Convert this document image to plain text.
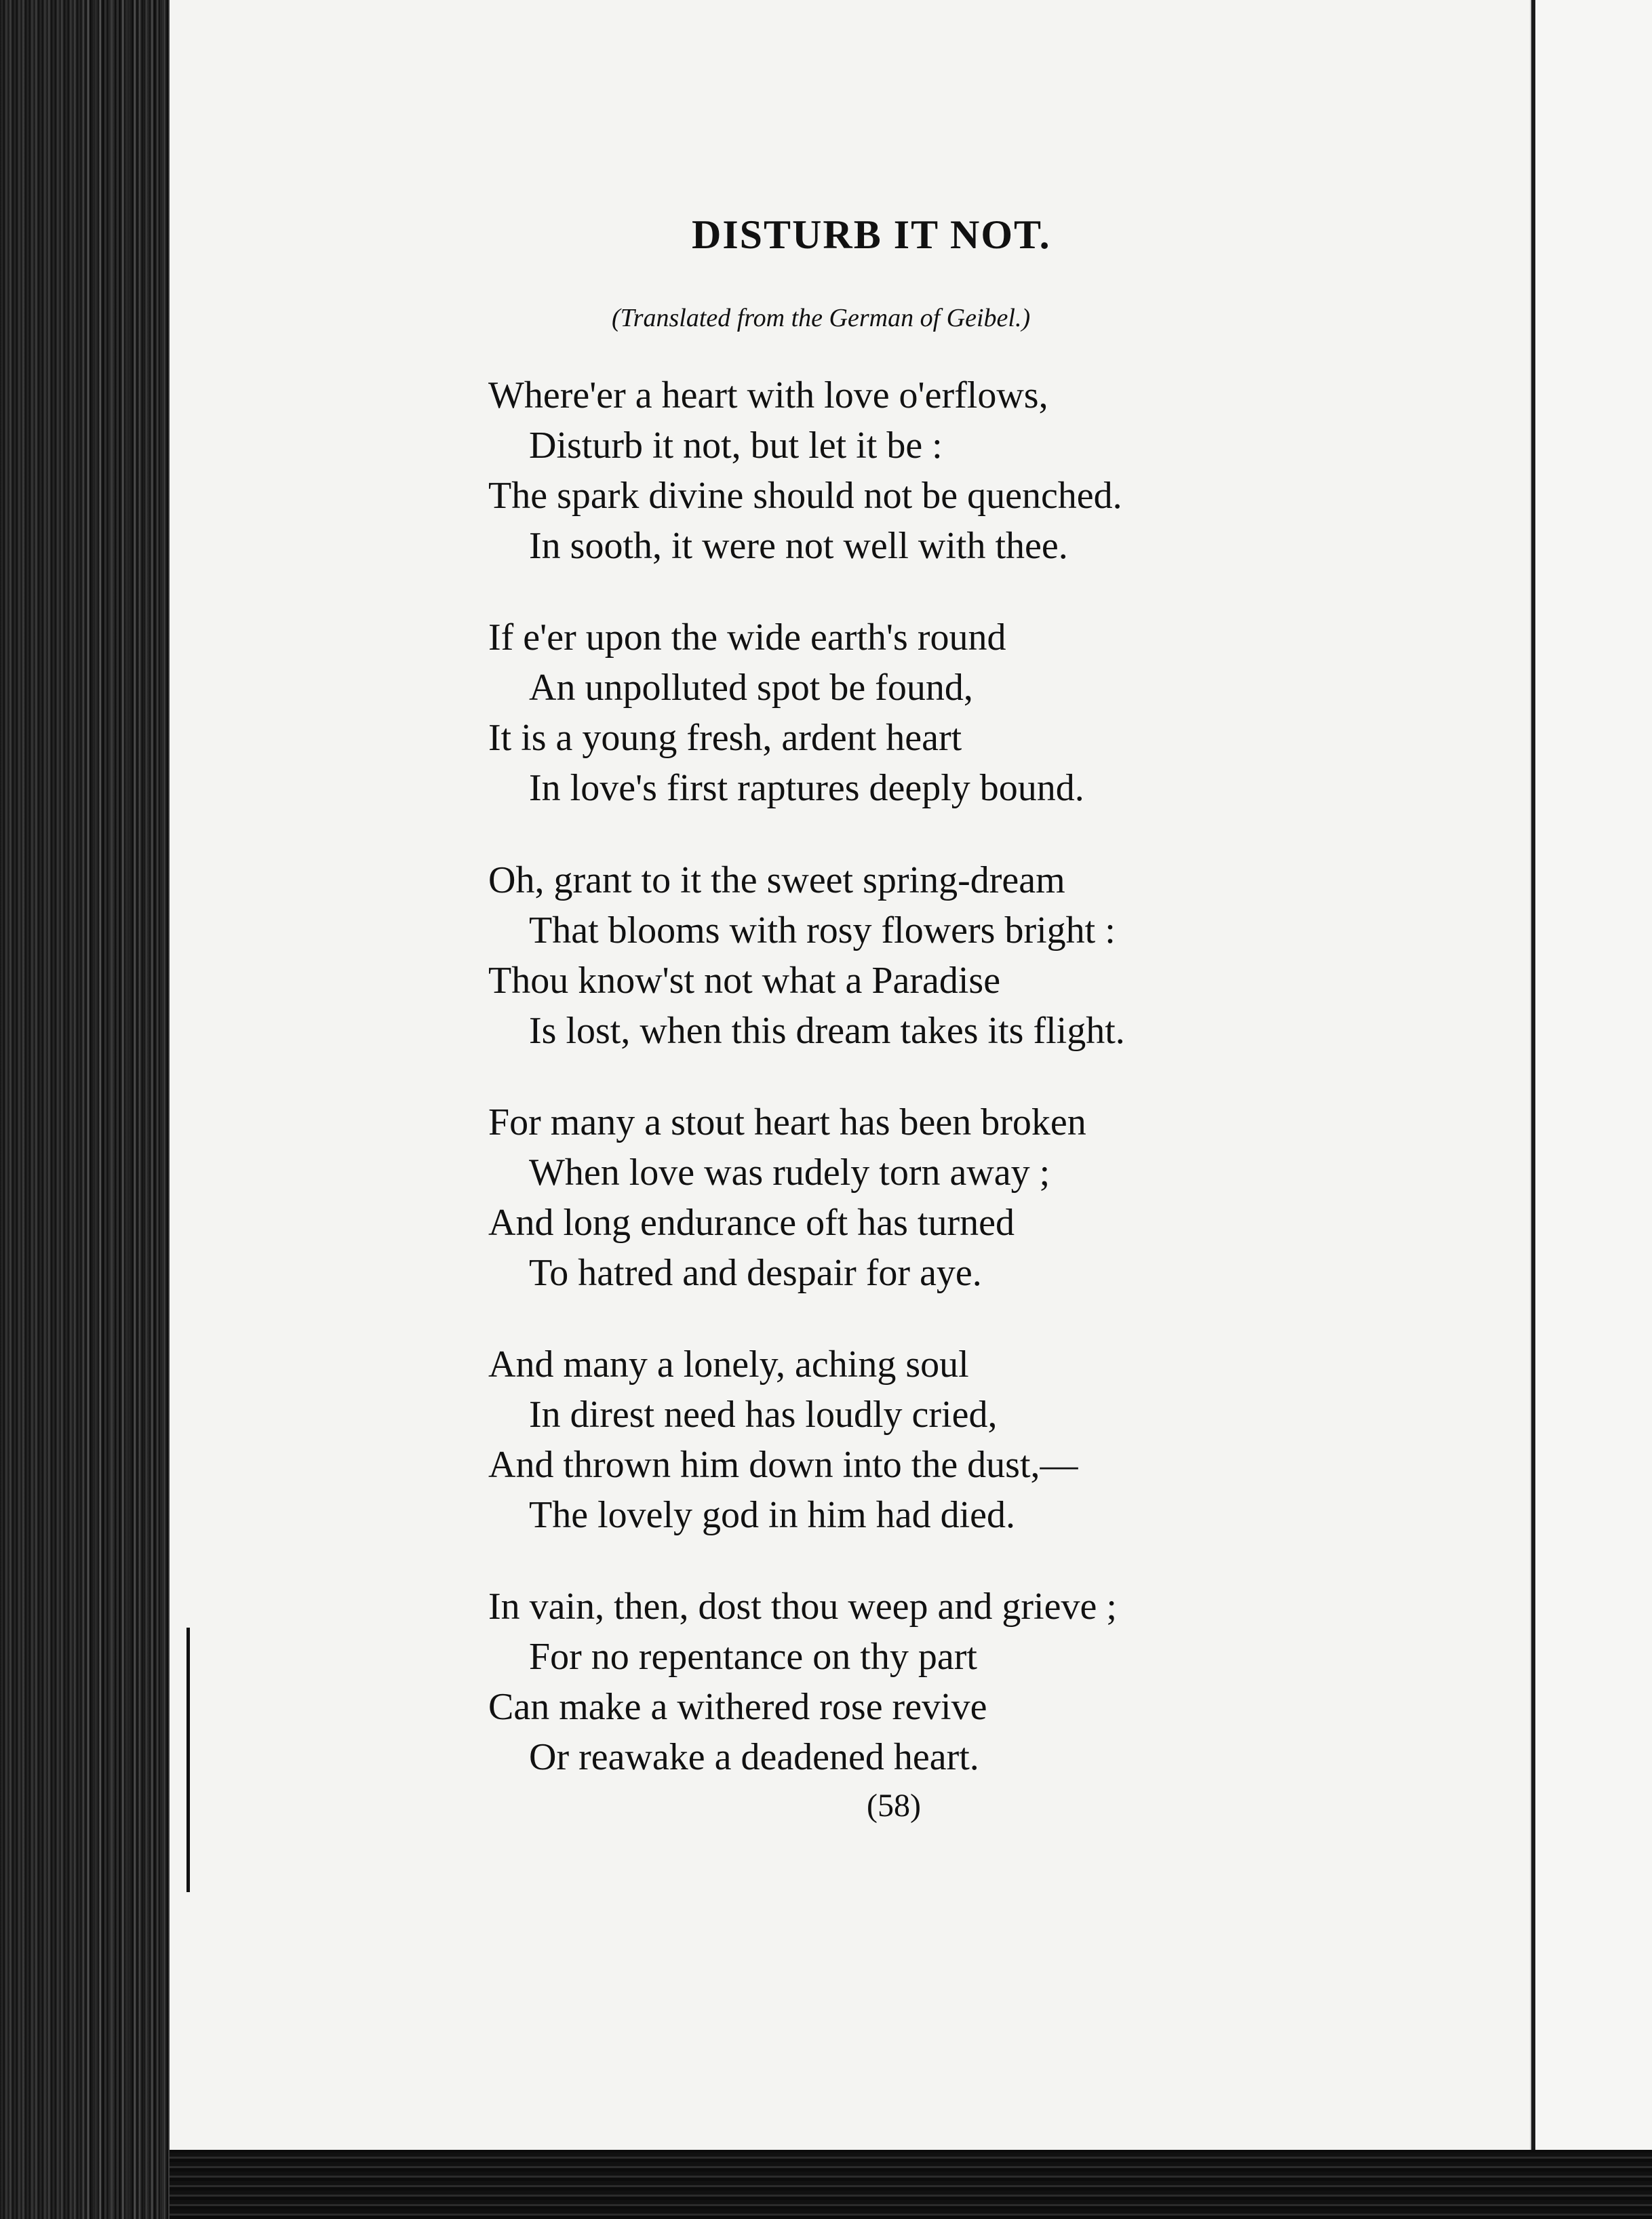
DISTURB IT NOT.
(Translated from the German of Geibel.)
Where'er a heart with love o'erflows,
Disturb it not, but let it be :
The spark divine should not be quenched.
In sooth, it were not well with thee.
If e'er upon the wide earth's round
An unpolluted spot be found,
It is a young fresh, ardent heart
In love's first raptures deeply bound.
Oh, grant to it the sweet spring-dream
That blooms with rosy flowers bright :
Thou know'st not what a Paradise
Is lost, when this dream takes its flight.
For many a stout heart has been broken
When love was rudely torn away ;
And long endurance oft has turned
To hatred and despair for aye.
And many a lonely, aching soul
In direst need has loudly cried,
And thrown him down into the dust,—
The lovely god in him had died.
In vain, then, dost thou weep and grieve ;
For no repentance on thy part
Can make a withered rose revive
Or reawake a deadened heart.
(58)
